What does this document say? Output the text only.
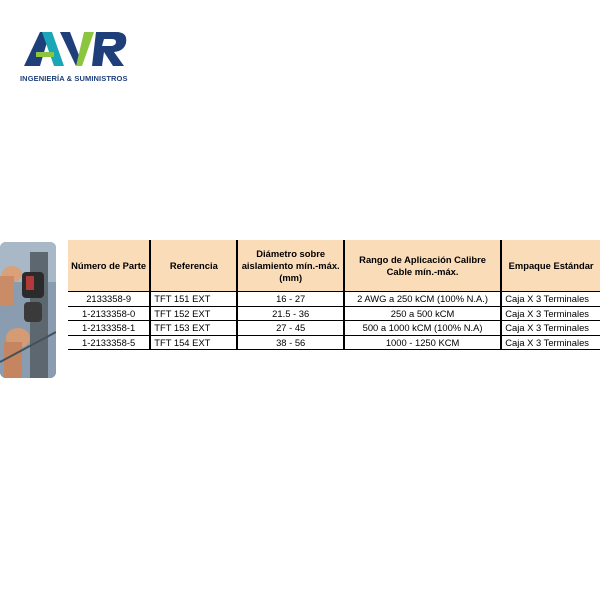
INGENIERÍA & SUMINISTROS
Número de Parte	Referencia	Diámetro sobre aislamiento mín.-máx. (mm)	Rango de Aplicación Calibre Cable mín.-máx.	Empaque Estándar
2133358-9	TFT 151 EXT	16 - 27	2 AWG a 250 kCM (100% N.A.)	Caja X 3 Terminales
1-2133358-0	TFT 152 EXT	21.5 - 36	250 a 500 kCM	Caja X 3 Terminales
1-2133358-1	TFT 153 EXT	27 - 45	500 a 1000 kCM (100% N.A)	Caja X 3 Terminales
1-2133358-5	TFT 154 EXT	38 - 56	1000 - 1250 KCM	Caja X 3 Terminales
